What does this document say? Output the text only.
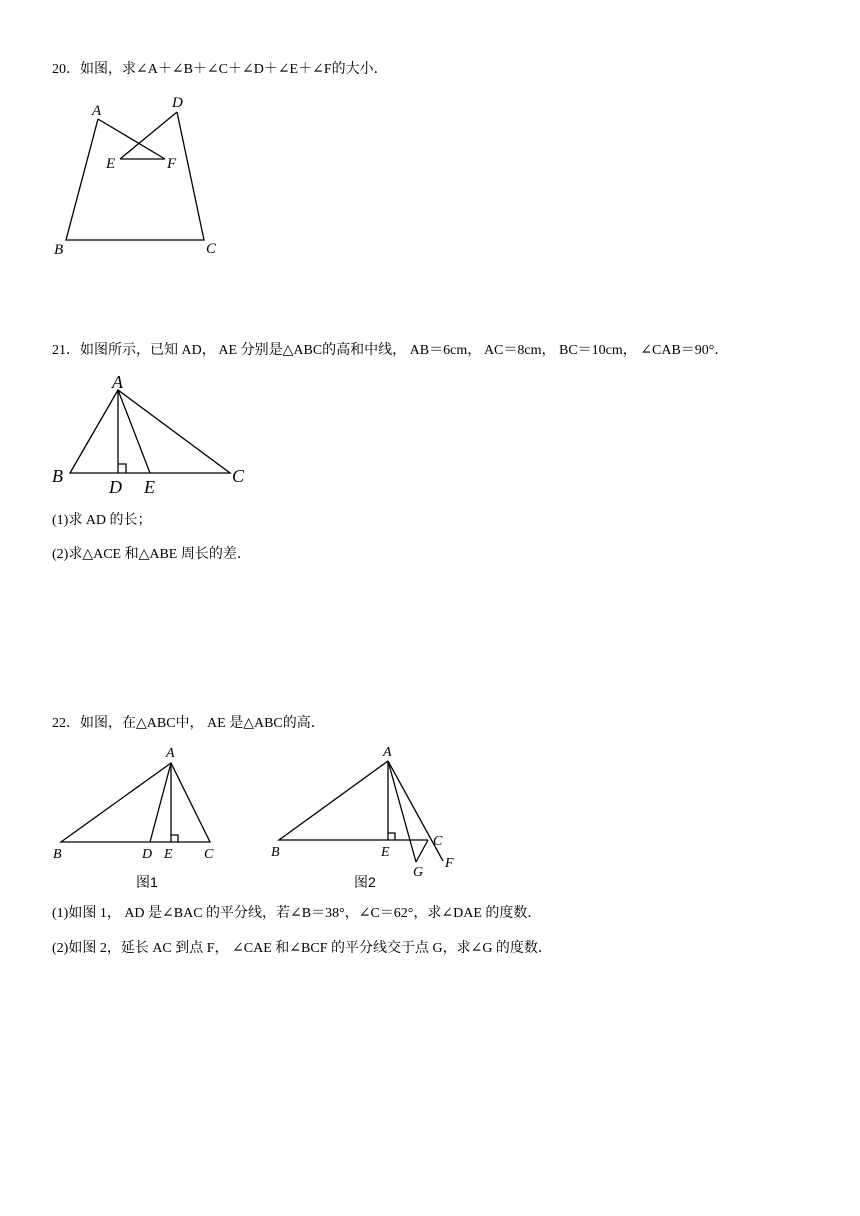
20．如图，求∠A＋∠B＋∠C＋∠D＋∠E＋∠F的大小．
A	D
E	F
B	C
A
B	C
D E
A
B	D E C
图1
A
B	E
C
G
F
图2
21．如图所示，已知 AD， AE 分别是△ABC的高和中线， AB＝6cm， AC＝8cm， BC＝10cm， ∠CAB＝90°．
(1)求 AD 的长；
(2)求△ACE 和△ABE 周长的差．
22．如图，在△ABC中， AE 是△ABC的高．
(1)如图 1， AD 是∠BAC 的平分线，若∠B＝38°，∠C＝62°，求∠DAE 的度数．
(2)如图 2，延长 AC 到点 F， ∠CAE 和∠BCF 的平分线交于点 G，求∠G 的度数．
